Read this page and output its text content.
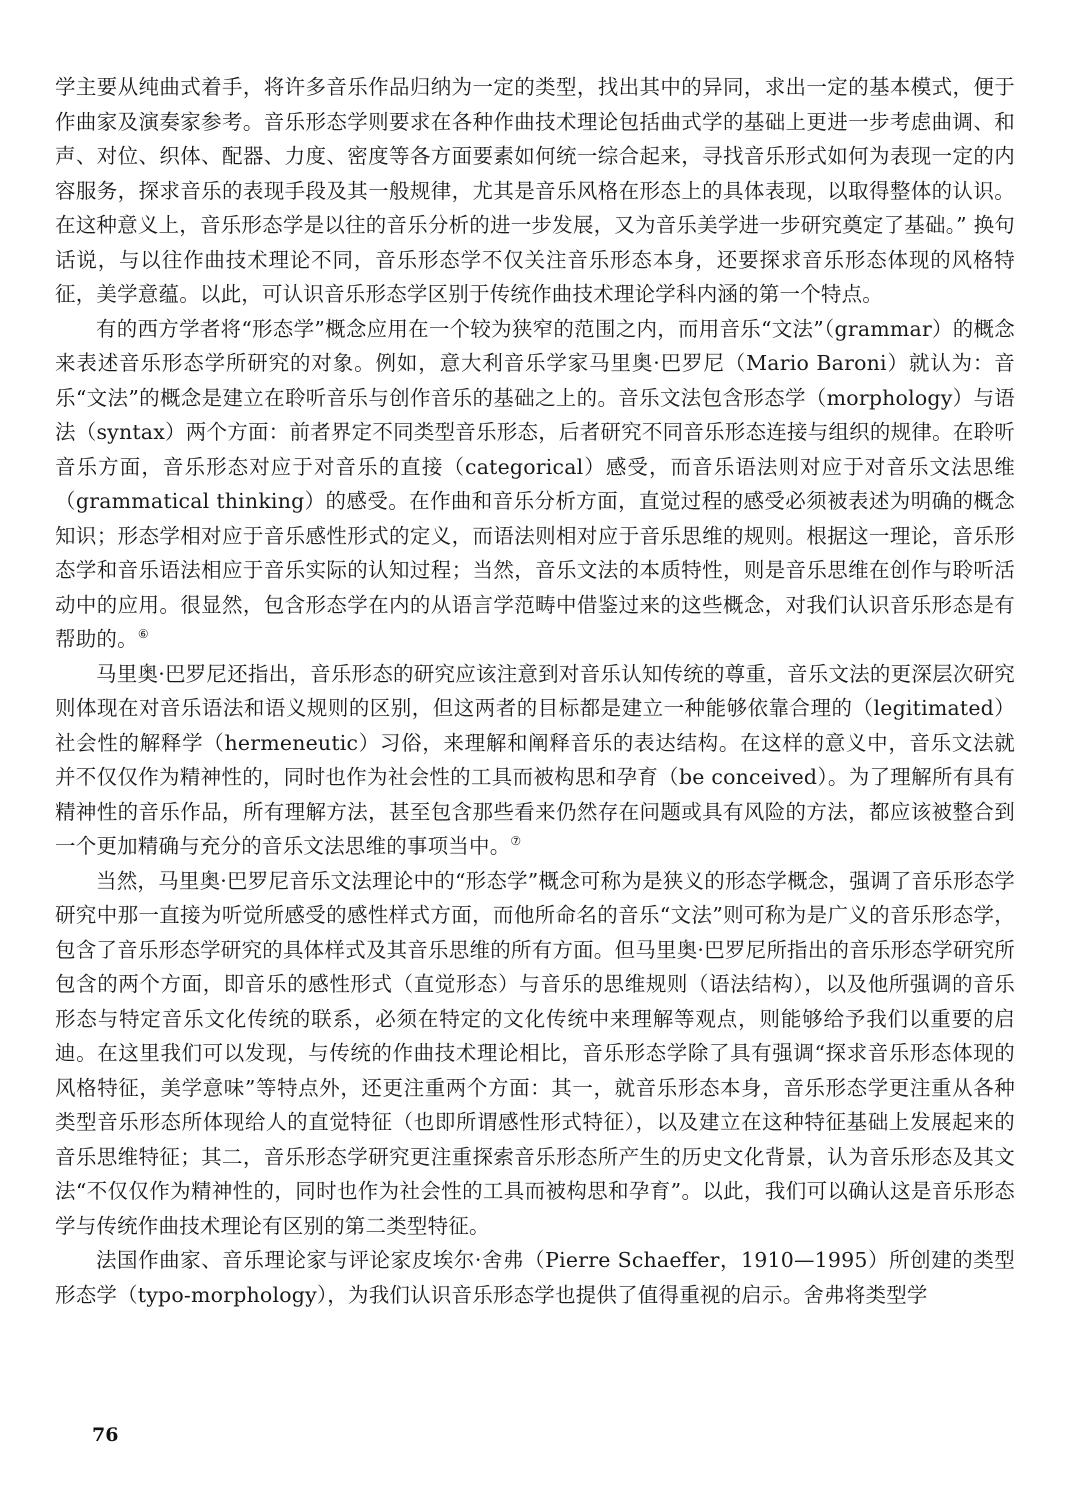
学主要从纯曲式着手，将许多音乐作品归纳为一定的类型，找出其中的异同，求出一定的基本模式，便于作曲家及演奏家参考。音乐形态学则要求在各种作曲技术理论包括曲式学的基础上更进一步考虑曲调、和声、对位、织体、配器、力度、密度等各方面要素如何统一综合起来，寻找音乐形式如何为表现一定的内容服务，探求音乐的表现手段及其一般规律，尤其是音乐风格在形态上的具体表现，以取得整体的认识。在这种意义上，音乐形态学是以往的音乐分析的进一步发展，又为音乐美学进一步研究奠定了基础。” 换句话说，与以往作曲技术理论不同，音乐形态学不仅关注音乐形态本身，还要探求音乐形态体现的风格特征，美学意蕴。以此，可认识音乐形态学区别于传统作曲技术理论学科内涵的第一个特点。

有的西方学者将“形态学”概念应用在一个较为狭窄的范围之内，而用音乐“文法”（grammar）的概念来表述音乐形态学所研究的对象。例如，意大利音乐学家马里奥·巴罗尼（Mario Baroni）就认为：音乐“文法”的概念是建立在聆听音乐与创作音乐的基础之上的。音乐文法包含形态学（morphology）与语法（syntax）两个方面：前者界定不同类型音乐形态，后者研究不同音乐形态连接与组织的规律。在聆听音乐方面，音乐形态对应于对音乐的直接（categorical）感受，而音乐语法则对应于对音乐文法思维（grammatical thinking）的感受。在作曲和音乐分析方面，直觉过程的感受必须被表述为明确的概念知识；形态学相对应于音乐感性形式的定义，而语法则相对应于音乐思维的规则。根据这一理论，音乐形态学和音乐语法相应于音乐实际的认知过程；当然，音乐文法的本质特性，则是音乐思维在创作与聆听活动中的应用。很显然，包含形态学在内的从语言学范畴中借鉴过来的这些概念，对我们认识音乐形态是有帮助的。⑥

马里奥·巴罗尼还指出，音乐形态的研究应该注意到对音乐认知传统的尊重，音乐文法的更深层次研究则体现在对音乐语法和语义规则的区别，但这两者的目标都是建立一种能够依靠合理的（legitimated）社会性的解释学（hermeneutic）习俗，来理解和阐释音乐的表达结构。在这样的意义中，音乐文法就并不仅仅作为精神性的，同时也作为社会性的工具而被构思和孕育（be conceived）。为了理解所有具有精神性的音乐作品，所有理解方法，甚至包含那些看来仍然存在问题或具有风险的方法，都应该被整合到一个更加精确与充分的音乐文法思维的事项当中。⑦

当然，马里奥·巴罗尼音乐文法理论中的“形态学”概念可称为是狭义的形态学概念，强调了音乐形态学研究中那一直接为听觉所感受的感性样式方面，而他所命名的音乐“文法”则可称为是广义的音乐形态学，包含了音乐形态学研究的具体样式及其音乐思维的所有方面。但马里奥·巴罗尼所指出的音乐形态学研究所包含的两个方面，即音乐的感性形式（直觉形态）与音乐的思维规则（语法结构），以及他所强调的音乐形态与特定音乐文化传统的联系，必须在特定的文化传统中来理解等观点，则能够给予我们以重要的启迪。在这里我们可以发现，与传统的作曲技术理论相比，音乐形态学除了具有强调“探求音乐形态体现的风格特征，美学意味”等特点外，还更注重两个方面：其一，就音乐形态本身，音乐形态学更注重从各种类型音乐形态所体现给人的直觉特征（也即所谓感性形式特征），以及建立在这种特征基础上发展起来的音乐思维特征；其二，音乐形态学研究更注重探索音乐形态所产生的历史文化背景，认为音乐形态及其文法“不仅仅作为精神性的，同时也作为社会性的工具而被构思和孕育”。以此，我们可以确认这是音乐形态学与传统作曲技术理论有区别的第二类型特征。

法国作曲家、音乐理论家与评论家皮埃尔·舍弗（Pierre Schaeffer，1910—1995）所创建的类型形态学（typo-morphology），为我们认识音乐形态学也提供了值得重视的启示。舍弗将类型学

76
